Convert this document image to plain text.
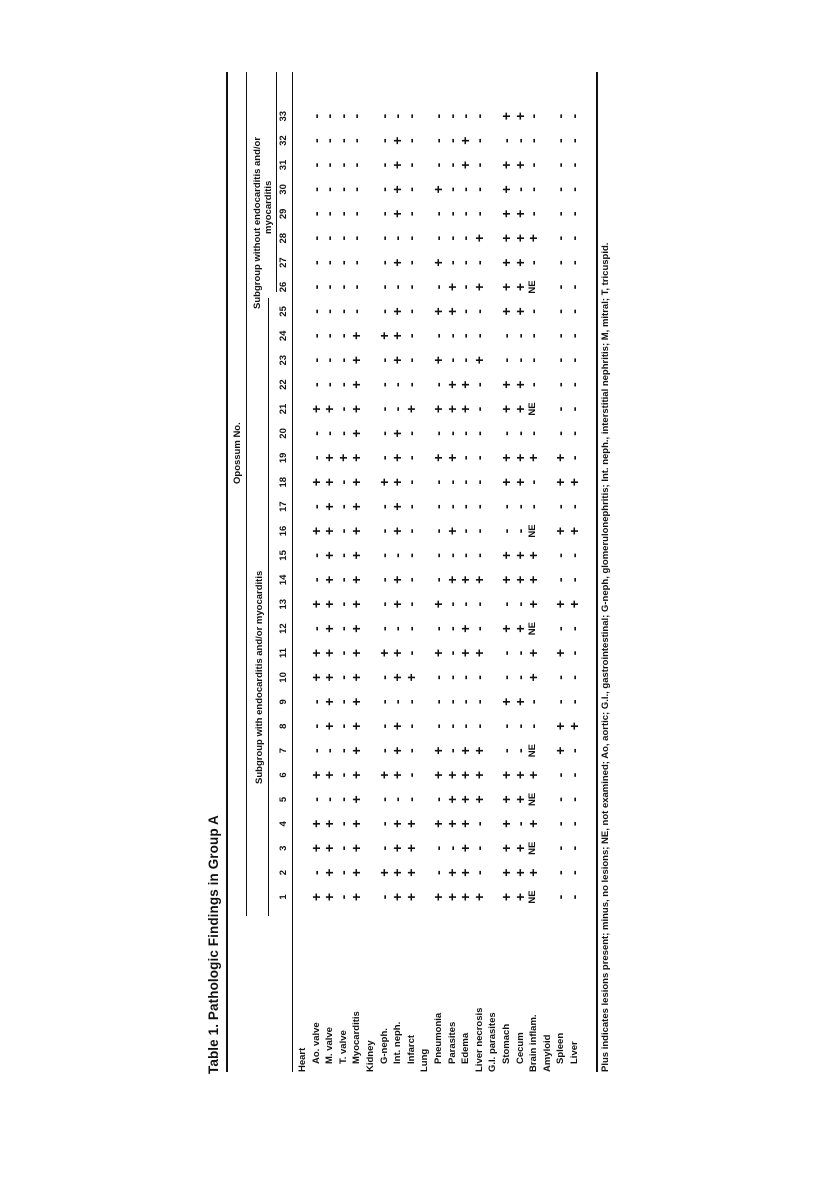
Table 1. Pathologic Findings in Group A
Opossum No.
Subgroup with endocarditis and/or myocarditis
Subgroup without endocarditis and/or myocarditis
1
2
3
4
5
6
7
8
9
10
11
12
13
14
15
16
17
18
19
20
21
22
23
24
25
26
27
28
29
30
31
32
33
Heart Ao. valve
+
-
+
+
-
+
-
-
-
+
+
-
+
-
-
+
-
+
-
-
+
-
-
-
-
-
-
-
-
-
-
-
-
M. valve
+
+
+
+
-
+
-
+
+
+
+
+
+
+
+
+
+
+
+
-
+
-
-
-
-
-
-
-
-
-
-
-
-
T. valve
-
-
-
-
-
-
-
-
-
-
-
-
-
-
-
-
-
-
+
-
-
-
-
-
-
-
-
-
-
-
-
-
-
Myocarditis
+
+
+
+
+
+
+
+
+
+
+
+
+
+
+
+
+
+
+
+
+
+
+
+
-
-
-
-
-
-
-
-
-
Kidney G-neph.
-
+
-
-
-
+
-
-
-
-
+
-
-
-
-
-
-
+
-
-
-
-
-
+
-
-
-
-
-
-
-
-
-
Int. neph.
+
+
+
+
-
+
+
+
-
+
+
-
+
+
-
+
+
+
+
+
-
-
+
+
+
-
+
-
+
+
+
+
-
Infarct
+
+
+
+
-
-
-
-
-
+
-
-
-
-
-
-
-
-
-
-
+
-
-
-
-
-
-
-
-
-
-
-
-
Lung Pneumonia
+
-
-
+
-
+
+
-
-
-
+
-
+
-
-
-
-
-
+
-
+
-
+
-
+
-
+
-
-
+
-
-
-
Parasites
+
+
-
+
+
+
-
-
-
-
-
-
-
+
-
+
-
-
+
-
+
+
-
-
+
+
-
-
-
-
-
-
-
Edema
+
+
+
+
+
+
+
-
-
-
+
+
-
+
-
-
-
-
-
-
+
+
-
-
-
-
-
-
-
-
+
+
-
Liver necrosis
+
-
-
-
+
+
+
-
-
-
+
-
-
+
-
-
-
-
-
-
-
-
+
-
-
+
-
+
-
-
-
-
-
G.I. parasites Stomach
+
+
+
+
+
+
-
-
+
-
-
+
-
+
+
-
-
+
+
-
+
+
-
-
+
+
+
+
+
+
+
-
+
Cecum
+
+
+
-
+
+
-
-
+
-
-
+
-
+
+
-
-
+
+
-
+
+
-
-
+
+
+
+
+
-
+
-
+
Brain inflam.
NE
+
NE
+
NE
+
NE
-
-
+
+
NE
+
+
+
NE
-
-
+
-
NE
-
-
-
-
NE
-
+
-
-
-
-
-
Amyloid Spleen
-
-
-
-
-
-
+
+
-
-
+
-
+
-
-
+
-
+
+
-
-
-
-
-
-
-
-
-
-
-
-
-
-
Liver
-
-
-
-
-
-
-
+
-
-
-
-
+
-
-
+
-
+
-
-
-
-
-
-
-
-
-
-
-
-
-
-
-
Plus indicates lesions present; minus, no lesions; NE, not examined; Ao, aortic; G.I., gastrointestinal; G-neph, glomerulonephritis; Int. neph., interstitial nephritis; M, mitral; T, tricuspid.
